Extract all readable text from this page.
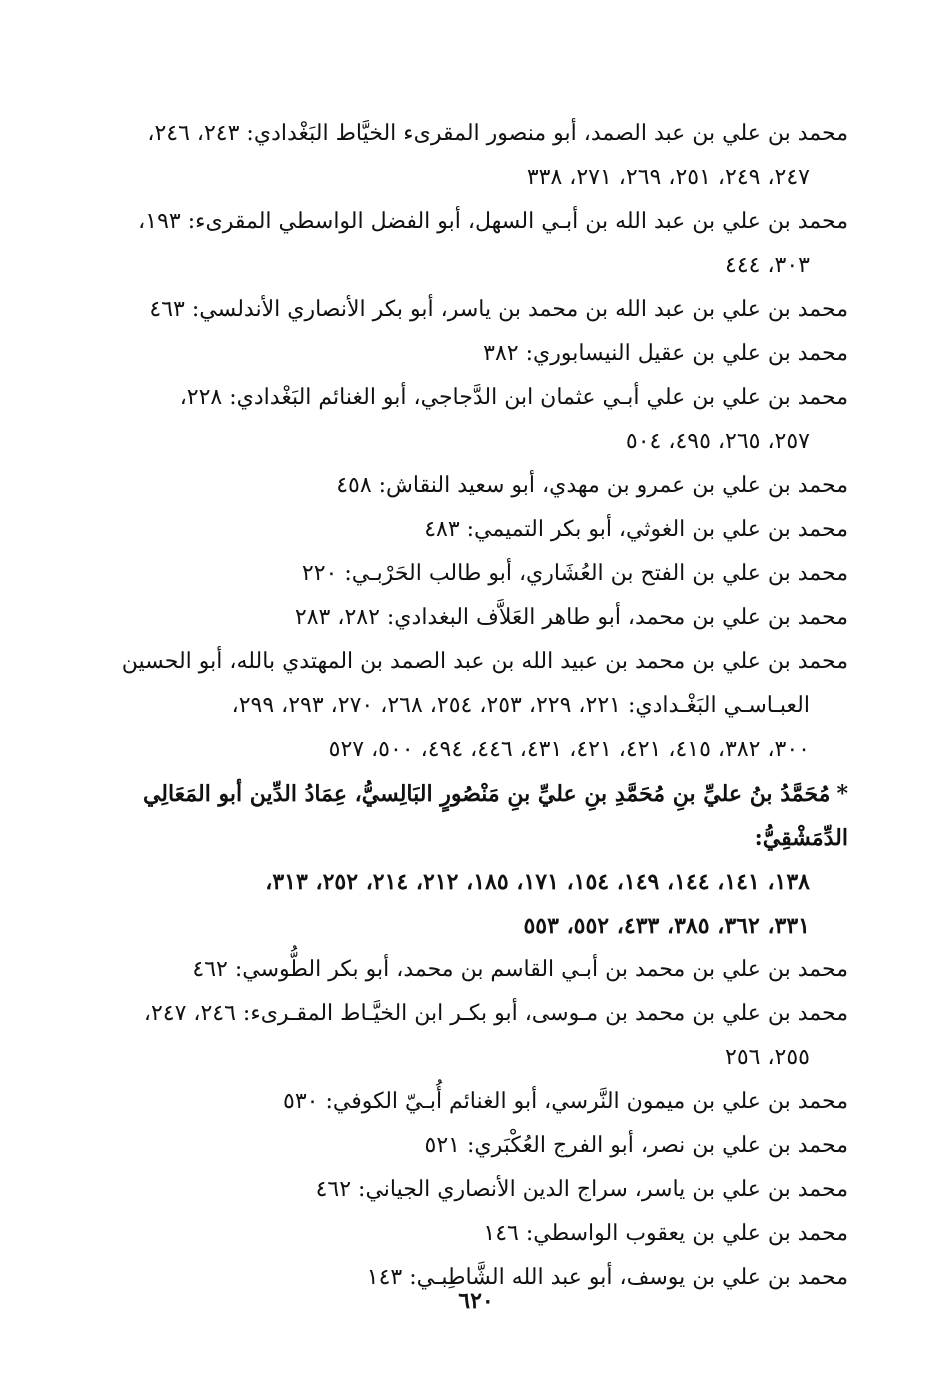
محمد بن علي بن عبد الصمد، أبو منصور المقرىء الخيَّاط البَغْدادي: ٢٤٣، ٢٤٦،
٢٤٧، ٢٤٩، ٢٥١، ٢٦٩، ٢٧١، ٣٣٨

محمد بن علي بن عبد الله بن أبـي السهل، أبو الفضل الواسطي المقرىء: ١٩٣،
٣٠٣، ٤٤٤

محمد بن علي بن عبد الله بن محمد بن ياسر، أبو بكر الأنصاري الأندلسي: ٤٦٣

محمد بن علي بن عقيل النيسابوري: ٣٨٢

محمد بن علي بن علي أبـي عثمان ابن الدَّجاجي، أبو الغنائم البَغْدادي: ٢٢٨،
٢٥٧، ٢٦٥، ٤٩٥، ٥٠٤

محمد بن علي بن عمرو بن مهدي، أبو سعيد النقاش: ٤٥٨

محمد بن علي بن الغوثي، أبو بكر التميمي: ٤٨٣

محمد بن علي بن الفتح بن العُشَاري، أبو طالب الحَرْبـي: ٢٢٠

محمد بن علي بن محمد، أبو طاهر العَلاَّف البغدادي: ٢٨٢، ٢٨٣

محمد بن علي بن محمد بن عبيد الله بن عبد الصمد بن المهتدي بالله، أبو الحسين
العبـاسـي البَغْـدادي: ٢٢١، ٢٢٩، ٢٥٣، ٢٥٤، ٢٦٨، ٢٧٠، ٢٩٣، ٢٩٩،
٣٠٠، ٣٨٢، ٤١٥، ٤٢١، ٤٢١، ٤٣١، ٤٤٦، ٤٩٤، ٥٠٠، ٥٢٧

*مُحَمَّدُ بنُ عليِّ بنِ مُحَمَّدِ بنِ عليِّ بنِ مَنْصُورٍ البَالِسيُّ، عِمَادُ الدِّين أبو المَعَالِي الدِّمَشْقِيُّ:
١٣٨، ١٤١، ١٤٤، ١٤٩، ١٥٤، ١٧١، ١٨٥، ٢١٢، ٢١٤، ٢٥٢، ٣١٣،
٣٣١، ٣٦٢، ٣٨٥، ٤٣٣، ٥٥٢، ٥٥٣

محمد بن علي بن محمد بن أبـي القاسم بن محمد، أبو بكر الطُّوسي: ٤٦٢

محمد بن علي بن محمد بن مـوسى، أبو بكـر ابن الخيَّـاط المقـرىء: ٢٤٦، ٢٤٧،
٢٥٥، ٢٥٦

محمد بن علي بن ميمون النَّرسي، أبو الغنائم أُبـيّ الكوفي: ٥٣٠

محمد بن علي بن نصر، أبو الفرج العُكْبَري: ٥٢١

محمد بن علي بن ياسر، سراج الدين الأنصاري الجياني: ٤٦٢

محمد بن علي بن يعقوب الواسطي: ١٤٦

محمد بن علي بن يوسف، أبو عبد الله الشَّاطِبـي: ١٤٣

٦٢٠
